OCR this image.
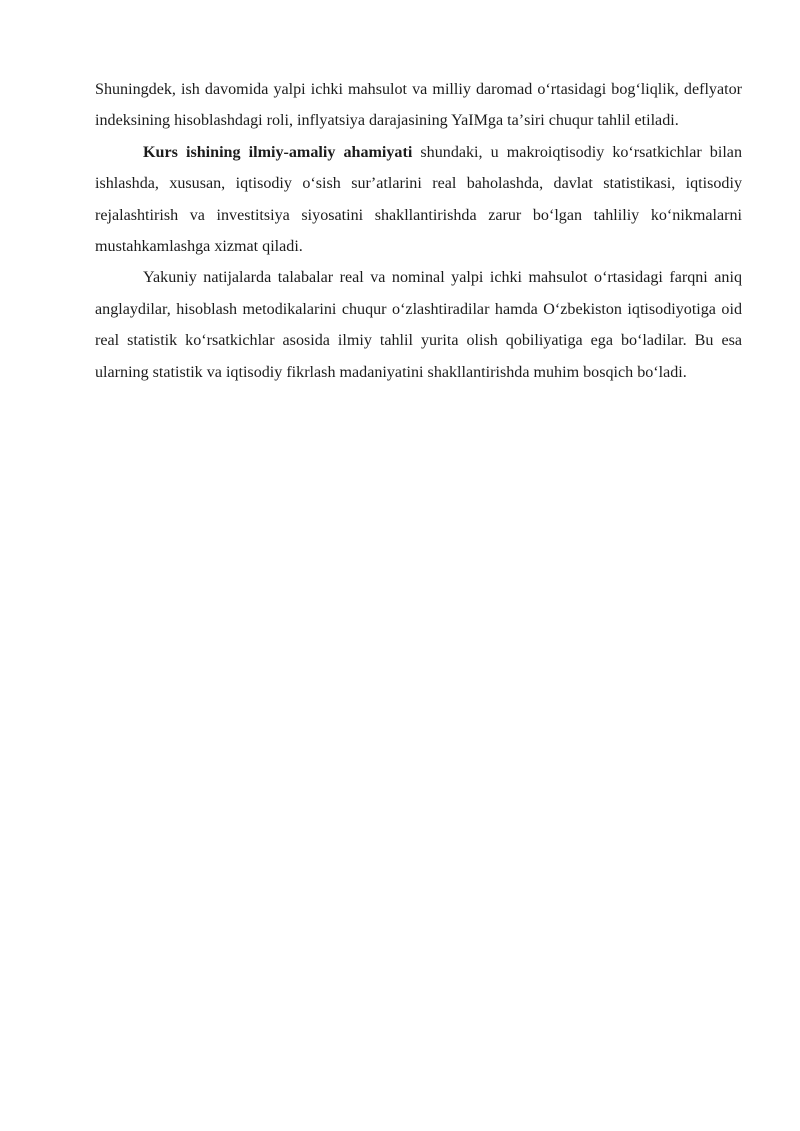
Shuningdek, ish davomida yalpi ichki mahsulot va milliy daromad oʻrtasidagi bogʻliqlik, deflyator indeksining hisoblashdagi roli, inflyatsiya darajasining YaIMga taʼsiri chuqur tahlil etiladi.

Kurs ishining ilmiy-amaliy ahamiyati shundaki, u makroiqtisodiy koʻrsatkichlar bilan ishlashda, xususan, iqtisodiy oʻsish surʼatlarini real baholashda, davlat statistikasi, iqtisodiy rejalashtirish va investitsiya siyosatini shakllantirishda zarur boʻlgan tahliliy koʻnikmalarni mustahkamlashga xizmat qiladi.

Yakuniy natijalarda talabalar real va nominal yalpi ichki mahsulot oʻrtasidagi farqni aniq anglaydilar, hisoblash metodikalarini chuqur oʻzlashtiradilar hamda Oʻzbekiston iqtisodiyotiga oid real statistik koʻrsatkichlar asosida ilmiy tahlil yurita olish qobiliyatiga ega boʻladilar. Bu esa ularning statistik va iqtisodiy fikrlash madaniyatini shakllantirishda muhim bosqich boʻladi.
